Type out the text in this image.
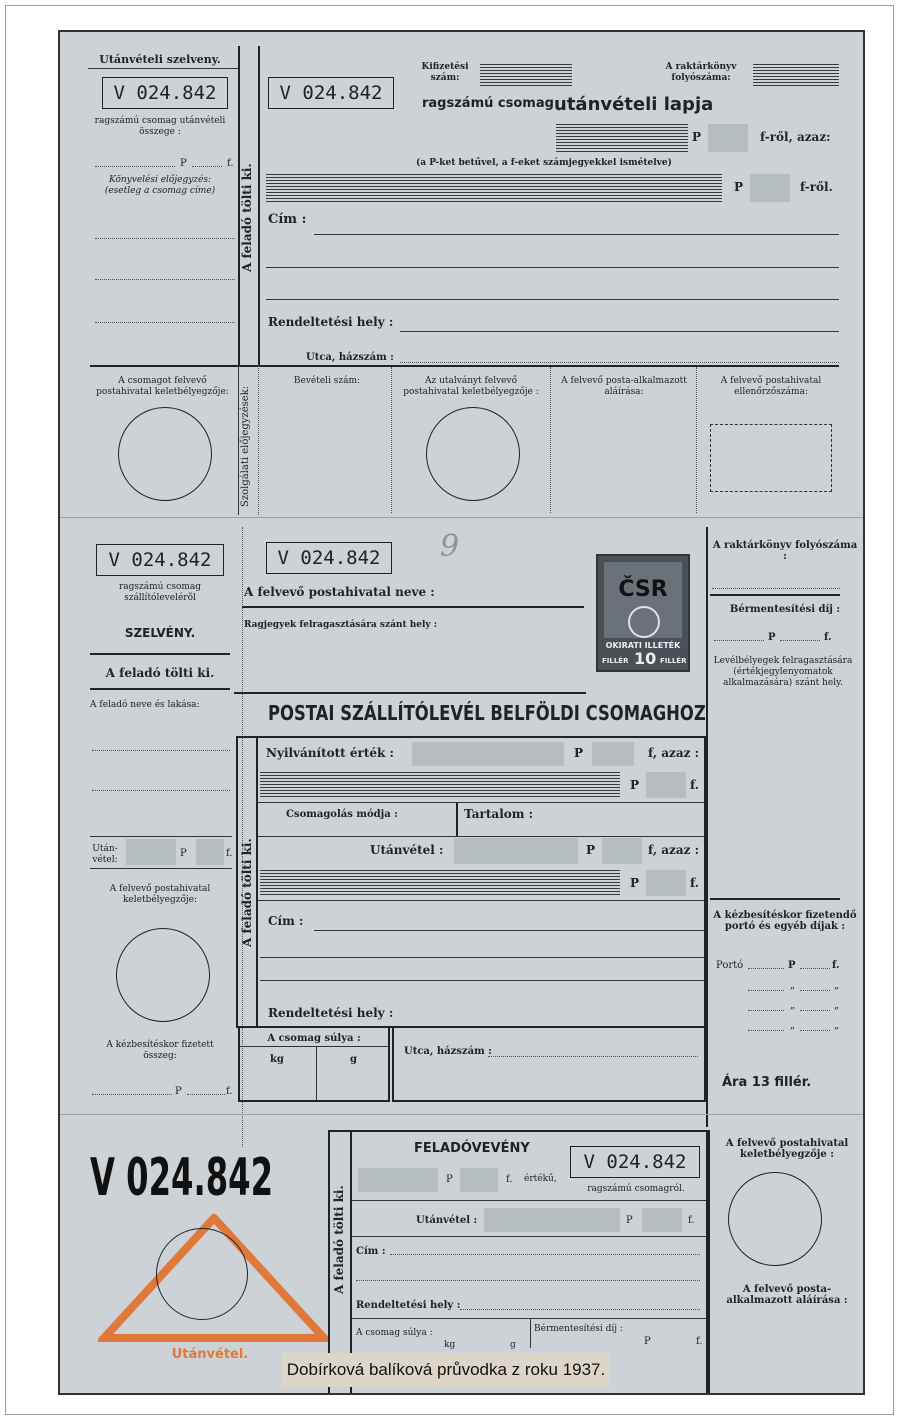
Utánvételi szelveny.
V 024.842
ragszámú csomag utánvételi összege :
P	f.
Könyvelési előjegyzés: (esetleg a csomag címe)	A feladó tölti ki.
V 024.842
Kifizetési szám:
A raktárkönyv folyószáma:
ragszámú csomag utánvételi lapja
P	f-ről, azaz:
(a P-ket betűvel, a f-eket számjegyekkel ismételve)
P	f-ről.
Cím :
Rendeltetési hely :
Utca, házszám :
Szolgálati előjegyzések:
A csomagot felvevő postahivatal keletbélyegzője:
Bevételi szám:	Az utalványt felvevő postahivatal keletbélyegzője :
A felvevő posta-alkalmazott aláírása:
A felvevő postahivatal ellenőrzőszáma:
V 024.842
ragszámú csomag szállítólevelérõl
SZELVÉNY.
A feladó tölti ki.
A feladó neve és lakása:
Után-vétel:
P	f.
A felvevő postahivatal keletbélyegzője:
A kézbesítéskor fizetett összeg:
P	f.
V 024.842	9
A felvevő postahivatal neve :
Ragjegyek felragasztására szánt hely :
ČSR
OKIRATI ILLETÉK
FILLÉR 10 FILLÉR
POSTAI SZÁLLÍTÓLEVÉL BELFÖLDI CSOMAGHOZ
A feladó tölti ki.
Nyilvánított érték :	P	f, azaz :
P	f.
Csomagolás módja :	Tartalom :
Utánvétel :	P	f, azaz :
P	f.
Cím :
Rendeltetési hely :
A csomag súlya :
kg	g
Utca, házszám :
A raktárkönyv folyószáma :
Bérmentesítési díj :
P	f.
Levélbélyegek felragasztására (értékjegylenyomatok alkalmazására) szánt hely.
A kézbesítéskor fizetendő portó és egyéb díjak :
Portó	P	f.
„	„
„	„
„	„
Ára 13 fillér.
V 024.842
Utánvétel.
A feladó tölti ki.
FELADÓVEVÉNY
V 024.842
P	f. értékű,
ragszámú csomagról.
Utánvétel :	P	f.
Cím :
Rendeltetési hely :
A csomag súlya :
kg	g
Bérmentesítési díj :
P	f.
A felvevő postahivatal keletbélyegzője :
A felvevő posta-alkalmazott aláírása :
Dobírková balíková průvodka z roku 1937.
